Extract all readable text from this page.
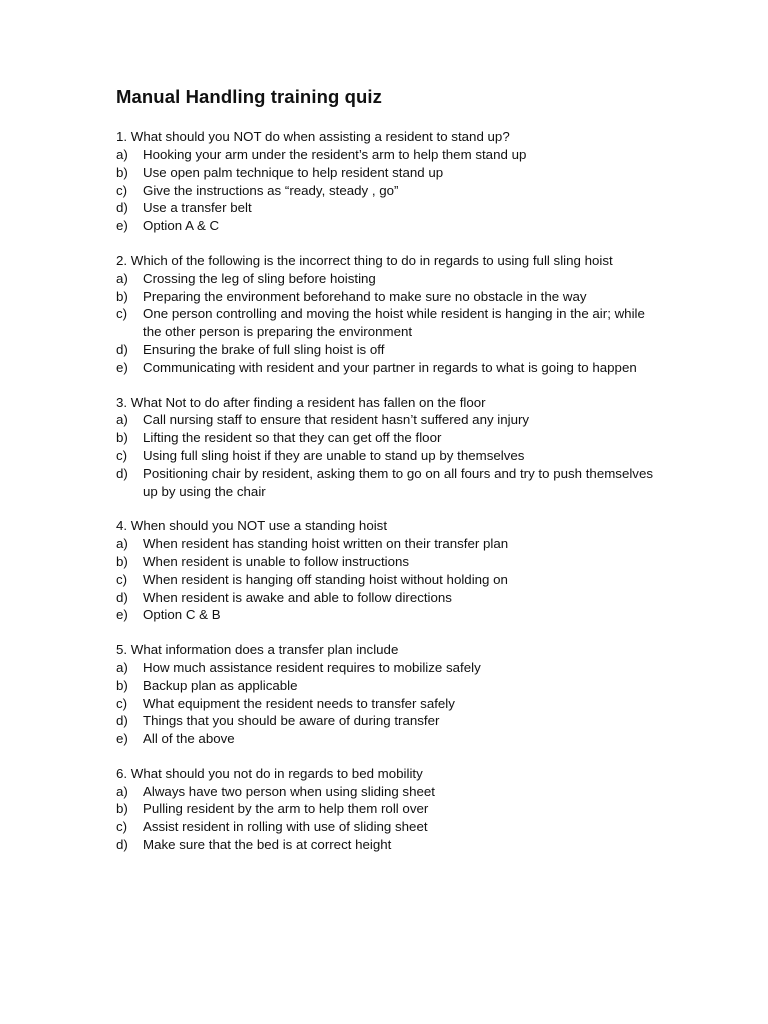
Manual Handling training quiz

1. What should you NOT do when assisting a resident to stand up?

a)	Hooking your arm under the resident’s arm to help them stand up
b)	Use open palm technique to help resident stand up
c)	Give the instructions as “ready, steady , go”
d)	Use a transfer belt
e)	Option A & C

2. Which of the following is the incorrect thing to do in regards to using full sling hoist

a)	Crossing the leg of sling before hoisting
b)	Preparing the environment beforehand to make sure no obstacle in the way
c)	One person controlling and moving the hoist while resident is hanging in the air; while the other person is preparing the environment
d)	Ensuring the brake of full sling hoist is off
e)	Communicating with resident and your partner in regards to what is going to happen

3. What Not to do after finding a resident has fallen on the floor

a)	Call nursing staff to ensure that resident hasn’t suffered any injury
b)	Lifting the resident so that they can get off the floor
c)	Using full sling hoist if they are unable to stand up by themselves
d)	Positioning chair by resident, asking them to go on all fours and try to push themselves up by using the chair

4. When should you NOT use a standing hoist

a)	When resident has standing hoist written on their transfer plan
b)	When resident is unable to follow instructions
c)	When resident is hanging off standing hoist without holding on
d)	When resident is awake and able to follow directions
e)	Option C & B

5. What information does a transfer plan include

a)	How much assistance resident requires to mobilize safely
b)	Backup plan as applicable
c)	What equipment the resident needs to transfer safely
d)	Things that you should be aware of during transfer
e)	All of the above

6. What should you not do in regards to bed mobility

a)	Always have two person when using sliding sheet
b)	Pulling resident by the arm to help them roll over
c)	Assist resident in rolling with use of sliding sheet
d)	Make sure that the bed is at correct height
